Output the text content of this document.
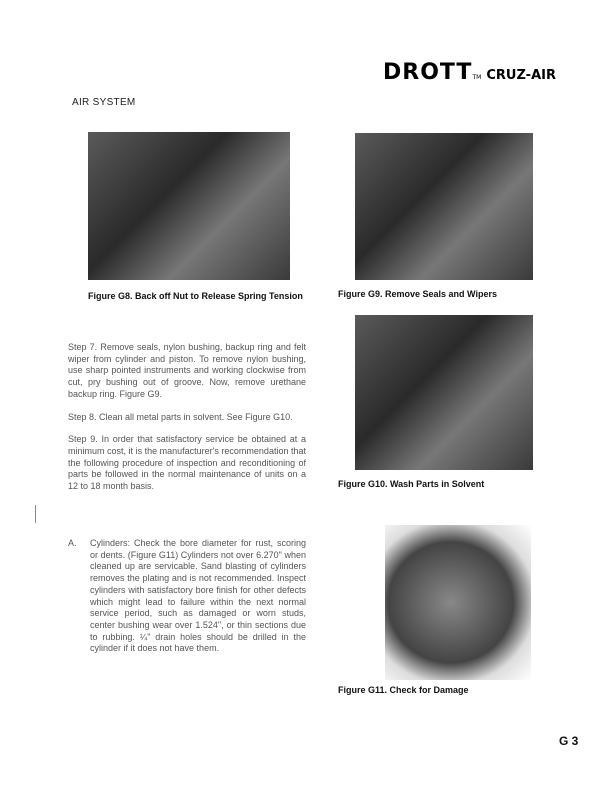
DROTTTM CRUZ-AIR
AIR SYSTEM
Figure G8. Back off Nut to Release Spring Tension	Figure G9. Remove Seals and Wipers
Figure G10. Wash Parts in Solvent
Figure G11. Check for Damage

Step 7. Remove seals, nylon bushing, backup ring and felt wiper from cylinder and piston. To remove nylon bushing, use sharp pointed instruments and working clockwise from cut, pry bushing out of groove. Now, remove urethane backup ring. Figure G9.

Step 8. Clean all metal parts in solvent. See Figure G10.

Step 9. In order that satisfactory service be obtained at a minimum cost, it is the manufacturer's recommendation that the following procedure of inspection and reconditioning of parts be followed in the normal maintenance of units on a 12 to 18 month basis.

A.	Cylinders: Check the bore diameter for rust, scoring or dents. (Figure G11) Cylinders not over 6.270" when cleaned up are servicable. Sand blasting of cylinders removes the plating and is not recommended. Inspect cylinders with satisfactory bore finish for other defects which might lead to failure within the next normal service period, such as damaged or worn studs, center bushing wear over 1.524", or thin sections due to rubbing. ¼" drain holes should be drilled in the cylinder if it does not have them.
G 3
